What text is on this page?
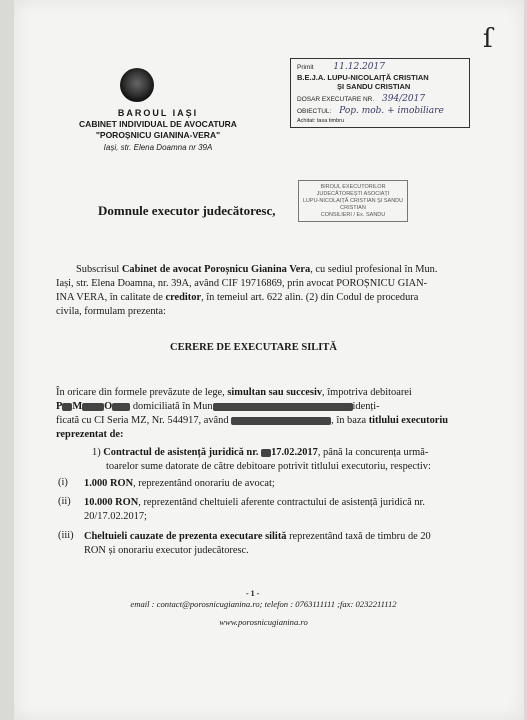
ſ
BAROUL IAȘI
CABINET INDIVIDUAL DE AVOCATURA
"POROȘNICU GIANINA-VERA"
Iași, str. Elena Doamna nr 39A
Primit 11.12.2017
B.E.J.A. LUPU-NICOLAIȚĂ CRISTIAN
ȘI SANDU CRISTIAN
DOSAR EXECUTARE NR. 394/2017
OBIECTUL: Pop. mob. + imobiliare
Achitat: taxa timbru
BIROUL EXECUTORILOR
JUDECĂTOREȘTI ASOCIAȚI
LUPU-NICOLAIȚĂ CRISTIAN ȘI SANDU CRISTIAN
CONSILIERI / Ex. SANDU
Domnule executor judecătoresc,
Subscrisul Cabinet de avocat Poroșnicu Gianina Vera, cu sediul profesional în Mun.
Iași, str. Elena Doamna, nr. 39A, având CIF 19716869, prin avocat POROȘNICU GIAN-
INA VERA, în calitate de creditor, în temeiul art. 622 alin. (2) din Codul de procedura
civila, formulam prezenta:
CERERE DE EXECUTARE SILITĂ
În oricare din formele prevăzute de lege, simultan sau succesiv, împotriva debitoarei
P M O domiciliată în Mun	idenți-
ficată cu CI Seria MZ, Nr. 544917, având	, în baza titlului executoriu
reprezentat de:
1) Contractul de asistență juridică nr. 17.02.2017, până la concurența urmă-
toarelor sume datorate de către debitoare potrivit titlului executoriu, respectiv:
(i) 1.000 RON, reprezentând onorariu de avocat;
(ii) 10.000 RON, reprezentând cheltuieli aferente contractului de asistență juridică nr.
20/17.02.2017;
(iii) Cheltuieli cauzate de prezenta executare silită reprezentând taxă de timbru de 20
RON și onorariu executor judecătoresc.
- 1 -
email : contact@porosnicugianina.ro; telefon : 0763111111 ;fax: 0232211112
www.porosnicugianina.ro
